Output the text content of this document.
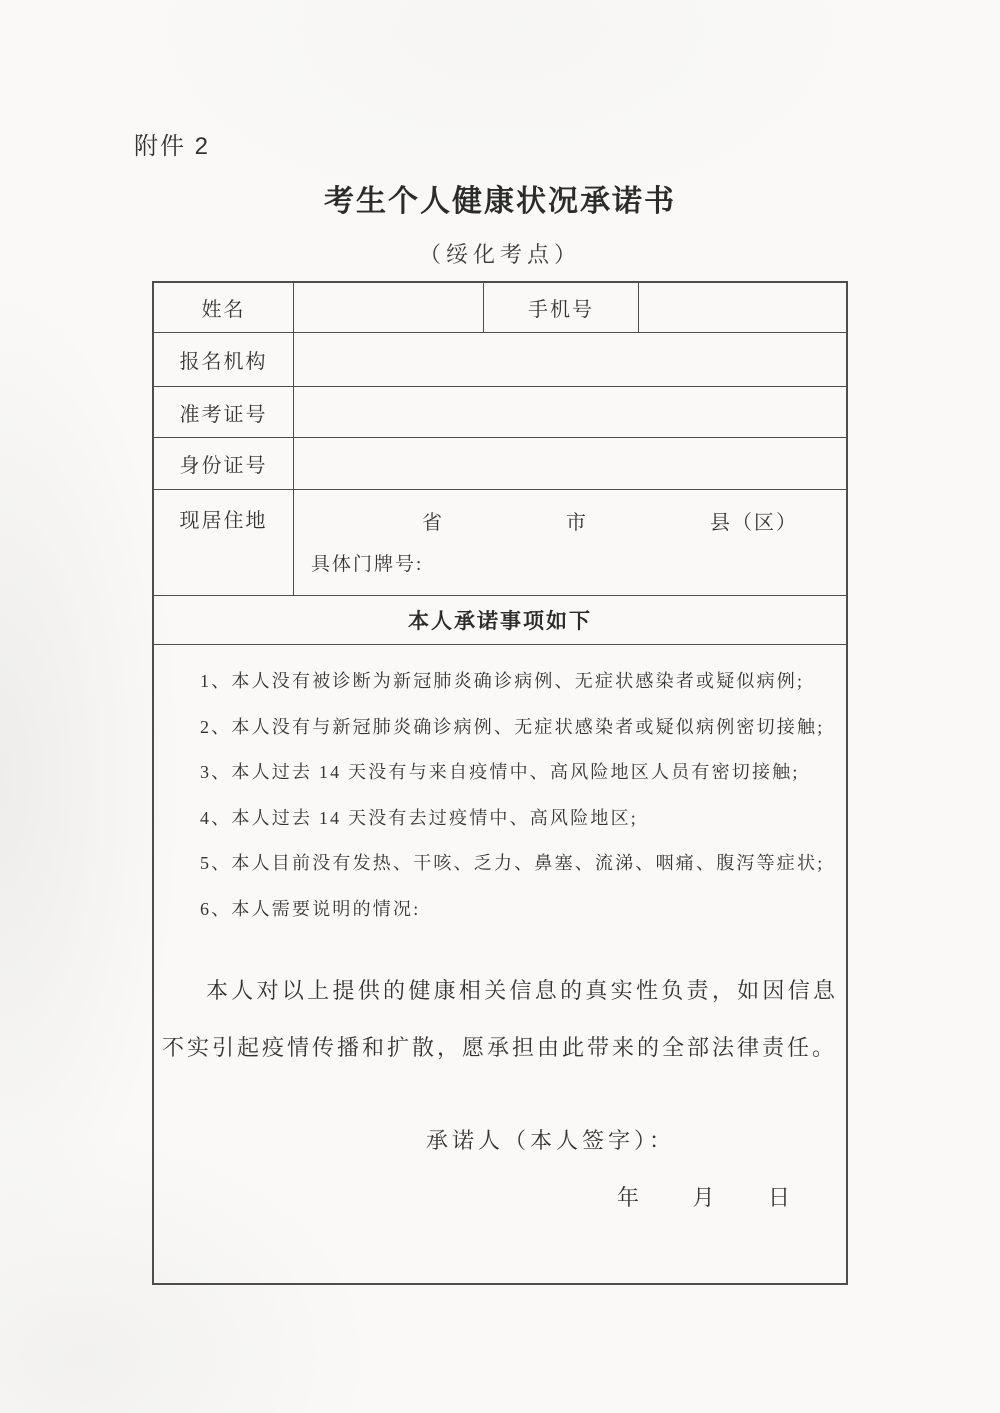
附件 2
考生个人健康状况承诺书
（绥化考点）
姓名	手机号
报名机构
准考证号
身份证号
现居住地	省	市	县（区）
具体门牌号:
本人承诺事项如下
1、本人没有被诊断为新冠肺炎确诊病例、无症状感染者或疑似病例;
2、本人没有与新冠肺炎确诊病例、无症状感染者或疑似病例密切接触;
3、本人过去 14 天没有与来自疫情中、高风险地区人员有密切接触;
4、本人过去 14 天没有去过疫情中、高风险地区;
5、本人目前没有发热、干咳、乏力、鼻塞、流涕、咽痛、腹泻等症状;
6、本人需要说明的情况:

本人对以上提供的健康相关信息的真实性负责，如因信息不实引起疫情传播和扩散，愿承担由此带来的全部法律责任。

承诺人（本人签字）：
年 月 日
